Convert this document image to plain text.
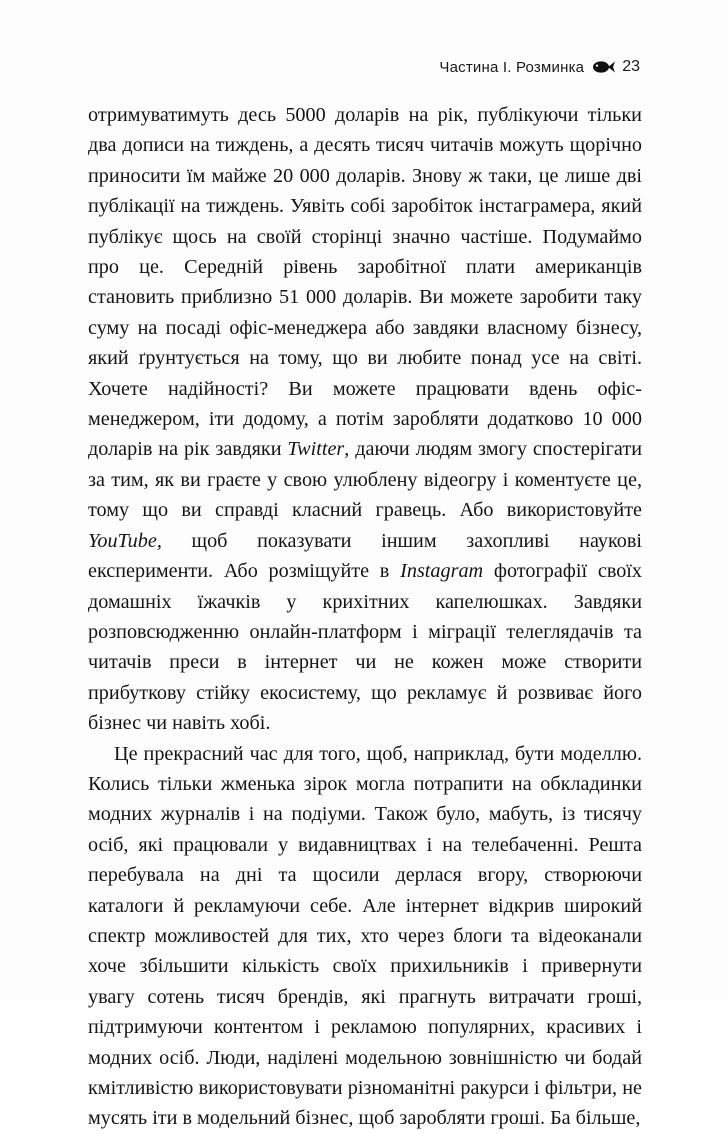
Частина I. Розминка 23

отримуватимуть десь 5000 доларів на рік, публікуючи тільки два дописи на тиждень, а десять тисяч читачів можуть щорічно приносити їм майже 20 000 доларів. Знову ж таки, це лише дві публікації на тиждень. Уявіть собі заробіток інстаграмера, який публікує щось на своїй сторінці значно частіше. Подумаймо про це. Середній рівень заробітної плати американців становить приблизно 51 000 доларів. Ви можете заробити таку суму на посаді офіс-менеджера або завдяки власному бізнесу, який ґрунтується на тому, що ви любите понад усе на світі. Хочете надійності? Ви можете працювати вдень офіс-менеджером, іти додому, а потім заробляти додатково 10 000 доларів на рік завдяки Twitter, даючи людям змогу спостерігати за тим, як ви граєте у свою улюблену відеогру і коментуєте це, тому що ви справді класний гравець. Або використовуйте YouTube, щоб показувати іншим захопливі наукові експерименти. Або розміщуйте в Instagram фотографії своїх домашніх їжачків у крихітних капелюшках. Завдяки розповсюдженню онлайн-платформ і міграції телеглядачів та читачів преси в інтернет чи не кожен може створити прибуткову стійку екосистему, що рекламує й розвиває його бізнес чи навіть хобі.

Це прекрасний час для того, щоб, наприклад, бути моделлю. Колись тільки жменька зірок могла потрапити на обкладинки модних журналів і на подіуми. Також було, мабуть, із тисячу осіб, які працювали у видавництвах і на телебаченні. Решта перебувала на дні та щосили дерлася вгору, створюючи каталоги й рекламуючи себе. Але інтернет відкрив широкий спектр можливостей для тих, хто через блоги та відеоканали хоче збільшити кількість своїх прихильників і привернути увагу сотень тисяч брендів, які прагнуть витрачати гроші, підтримуючи контентом і рекламою популярних, красивих і модних осіб. Люди, наділені модельною зовнішністю чи бодай кмітливістю використовувати різноманітні ракурси і фільтри, не мусять іти в модельний бізнес, щоб заробляти гроші. Ба більше,
